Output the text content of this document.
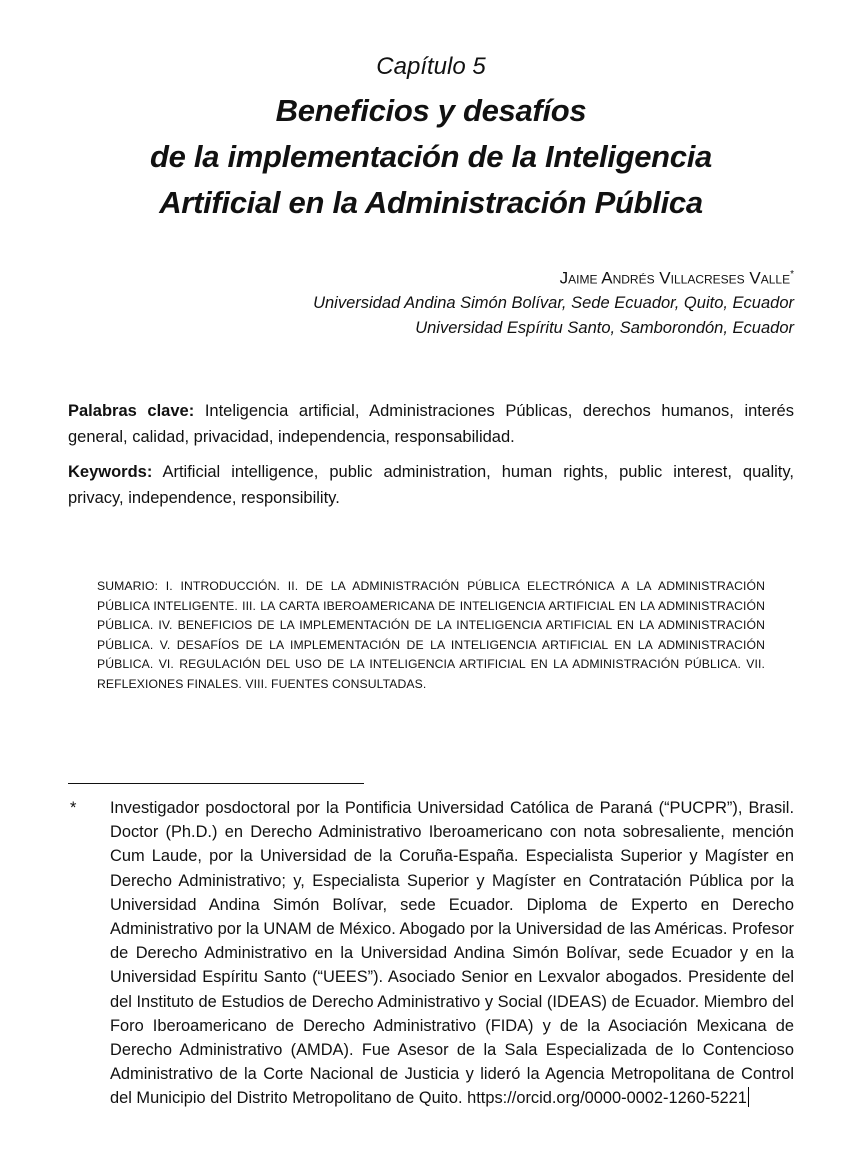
Capítulo 5
Beneficios y desafíos
de la implementación de la Inteligencia
Artificial en la Administración Pública
Jaime Andrés Villacreses Valle*
Universidad Andina Simón Bolívar, Sede Ecuador, Quito, Ecuador
Universidad Espíritu Santo, Samborondón, Ecuador
Palabras clave: Inteligencia artificial, Administraciones Públicas, derechos humanos, interés general, calidad, privacidad, independencia, responsabilidad.
Keywords: Artificial intelligence, public administration, human rights, public interest, quality, privacy, independence, responsibility.
SUMARIO: I. INTRODUCCIÓN. II. DE LA ADMINISTRACIÓN PÚBLICA ELECTRÓNICA A LA ADMINISTRACIÓN PÚBLICA INTELIGENTE. III. LA CARTA IBEROAMERICANA DE INTELIGENCIA ARTIFICIAL EN LA ADMINISTRACIÓN PÚBLICA. IV. BENEFICIOS DE LA IMPLEMENTACIÓN DE LA INTELIGENCIA ARTIFICIAL EN LA ADMINISTRACIÓN PÚBLICA. V. DESAFÍOS DE LA IMPLEMENTACIÓN DE LA INTELIGENCIA ARTIFICIAL EN LA ADMINISTRACIÓN PÚBLICA. VI. REGULACIÓN DEL USO DE LA INTELIGENCIA ARTIFICIAL EN LA ADMINISTRACIÓN PÚBLICA. VII. REFLEXIONES FINALES. VIII. FUENTES CONSULTADAS.
* Investigador posdoctoral por la Pontificia Universidad Católica de Paraná (“PUCPR”), Brasil. Doctor (Ph.D.) en Derecho Administrativo Iberoamericano con nota sobresaliente, mención Cum Laude, por la Universidad de la Coruña-España. Especialista Superior y Magíster en Derecho Administrativo; y, Especialista Superior y Magíster en Contratación Pública por la Universidad Andina Simón Bolívar, sede Ecuador. Diploma de Experto en Derecho Administrativo por la UNAM de México. Abogado por la Universidad de las Américas. Profesor de Derecho Administrativo en la Universidad Andina Simón Bolívar, sede Ecuador y en la Universidad Espíritu Santo (“UEES”). Asociado Senior en Lexvalor abogados. Presidente del del Instituto de Estudios de Derecho Administrativo y Social (IDEAS) de Ecuador. Miembro del Foro Iberoamericano de Derecho Administrativo (FIDA) y de la Asociación Mexicana de Derecho Administrativo (AMDA). Fue Asesor de la Sala Especializada de lo Contencioso Administrativo de la Corte Nacional de Justicia y lideró la Agencia Metropolitana de Control del Municipio del Distrito Metropolitano de Quito. https://orcid.org/0000-0002-1260-5221
